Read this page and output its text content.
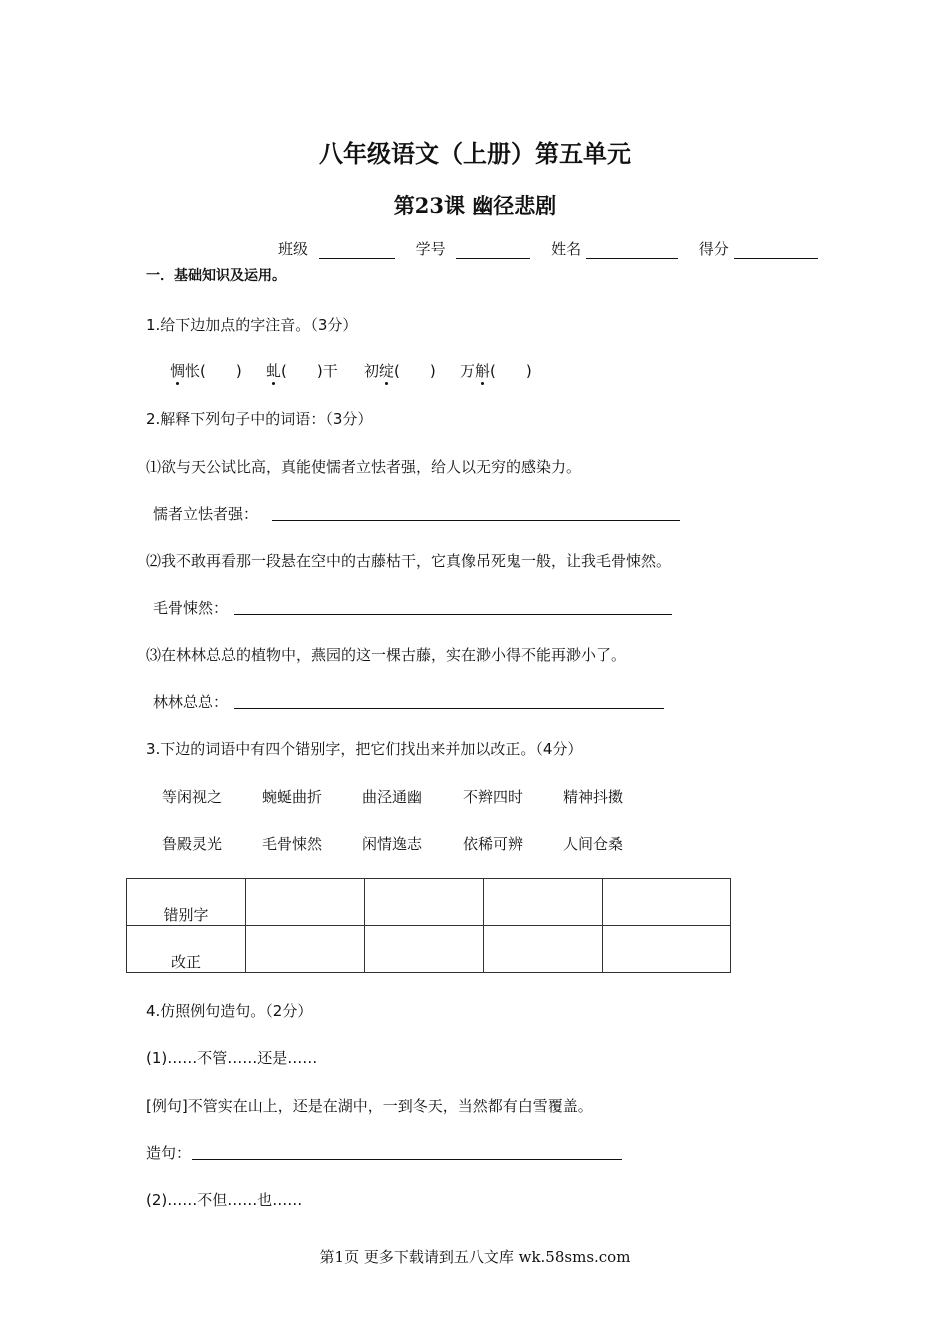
八年级语文（上册）第五单元
第23课 幽径悲剧
班级	学号	姓名	得分
一．基础知识及运用。
1.给下边加点的字注音。（3分）
惆怅(　　) 虬(　　)干 初绽(　　) 万斛(　　)
2.解释下列句子中的词语：（3分）
⑴欲与天公试比高，真能使懦者立怯者强，给人以无穷的感染力。
懦者立怯者强：
⑵我不敢再看那一段悬在空中的古藤枯干，它真像吊死鬼一般，让我毛骨悚然。
毛骨悚然：
⑶在林林总总的植物中，燕园的这一棵古藤，实在渺小得不能再渺小了。
林林总总：
3.下边的词语中有四个错别字，把它们找出来并加以改正。（4分）
等闲视之	蜿蜒曲折	曲泾通幽	不辫四时	精神抖擞
鲁殿灵光	毛骨悚然	闲情逸志	依稀可辨	人间仓桑
错别字				
改正				
4.仿照例句造句。（2分）
(1)……不管……还是……
[例句]不管实在山上，还是在湖中，一到冬天，当然都有白雪覆盖。
造句：
(2)……不但……也……
第1页 更多下载请到五八文库 wk.58sms.com
